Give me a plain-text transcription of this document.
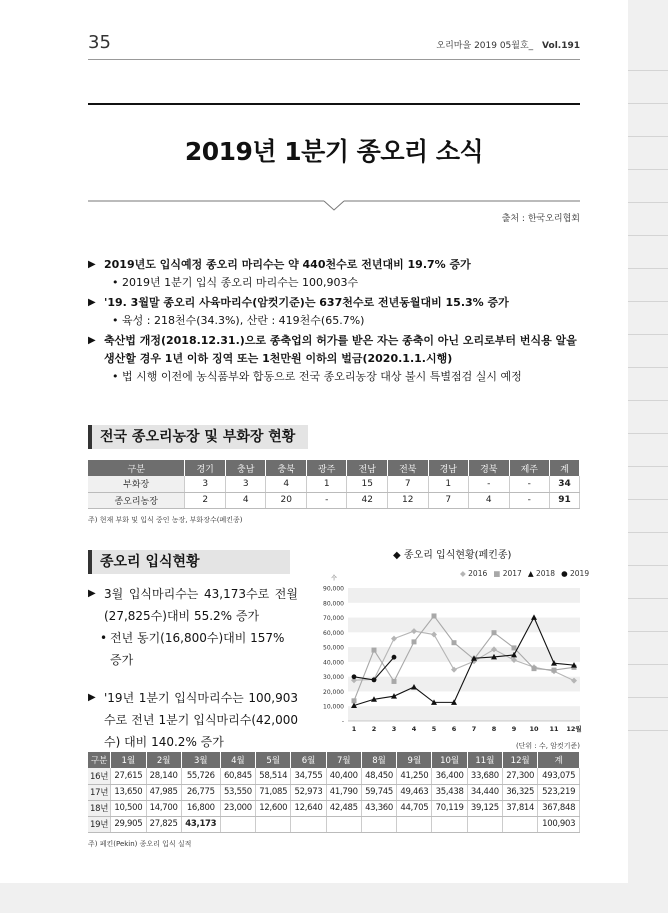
35	오리마을 2019 05월호_ Vol.191
2019년 1분기 종오리 소식
출처 : 한국오리협회
▶ 2019년도 입식예정 종오리 마리수는 약 440천수로 전년대비 19.7% 증가
• 2019년 1분기 입식 종오리 마리수는 100,903수
▶ '19. 3월말 종오리 사육마리수(암컷기준)는 637천수로 전년동월대비 15.3% 증가
• 육성 : 218천수(34.3%), 산란 : 419천수(65.7%)
▶ 축산법 개정(2018.12.31.)으로 종축업의 허가를 받은 자는 종축이 아닌 오리로부터 번식용 알을 생산할 경우 1년 이하 징역 또는 1천만원 이하의 벌금(2020.1.1.시행)
• 법 시행 이전에 농식품부와 합동으로 전국 종오리농장 대상 불시 특별점검 실시 예정
전국 종오리농장 및 부화장 현황
구분	경기	충남	충북	광주	전남	전북	경남	경북	제주	계
부화장	3	3	4	1	15	7	1	-	-	34
종오리농장	2	4	20	-	42	12	7	4	-	91
주) 현재 부화 및 입식 중인 농장, 부화장수(폐킨종)
종오리 입식현황
▶ 3월 입식마리수는 43,173수로 전월(27,825수)대비 55.2% 증가
• 전년 동기(16,800수)대비 157% 증가
▶ '19년 1분기 입식마리수는 100,903수로 전년 1분기 입식마리수(42,000수) 대비 140.2% 증가
◆ 종오리 입식현황(페킨종)
◆ 2016 ■ 2017 ▲ 2018 ● 2019
-
10,000
20,000
30,000
40,000
50,000
60,000
70,000
80,000
90,000
수
1 2 3 4 5 6 7 8 9 10 11 12월
(단위 : 수, 암컷기준)
구분	1월	2월	3월	4월	5월	6월	7월	8월	9월	10월	11월	12월	계
16년	27,615	28,140	55,726	60,845	58,514	34,755	40,400	48,450	41,250	36,400	33,680	27,300	493,075
17년	13,650	47,985	26,775	53,550	71,085	52,973	41,790	59,745	49,463	35,438	34,440	36,325	523,219
18년	10,500	14,700	16,800	23,000	12,600	12,640	42,485	43,360	44,705	70,119	39,125	37,814	367,848
19년	29,905	27,825	43,173										100,903
주) 페킨(Pekin) 종오리 입식 실적
